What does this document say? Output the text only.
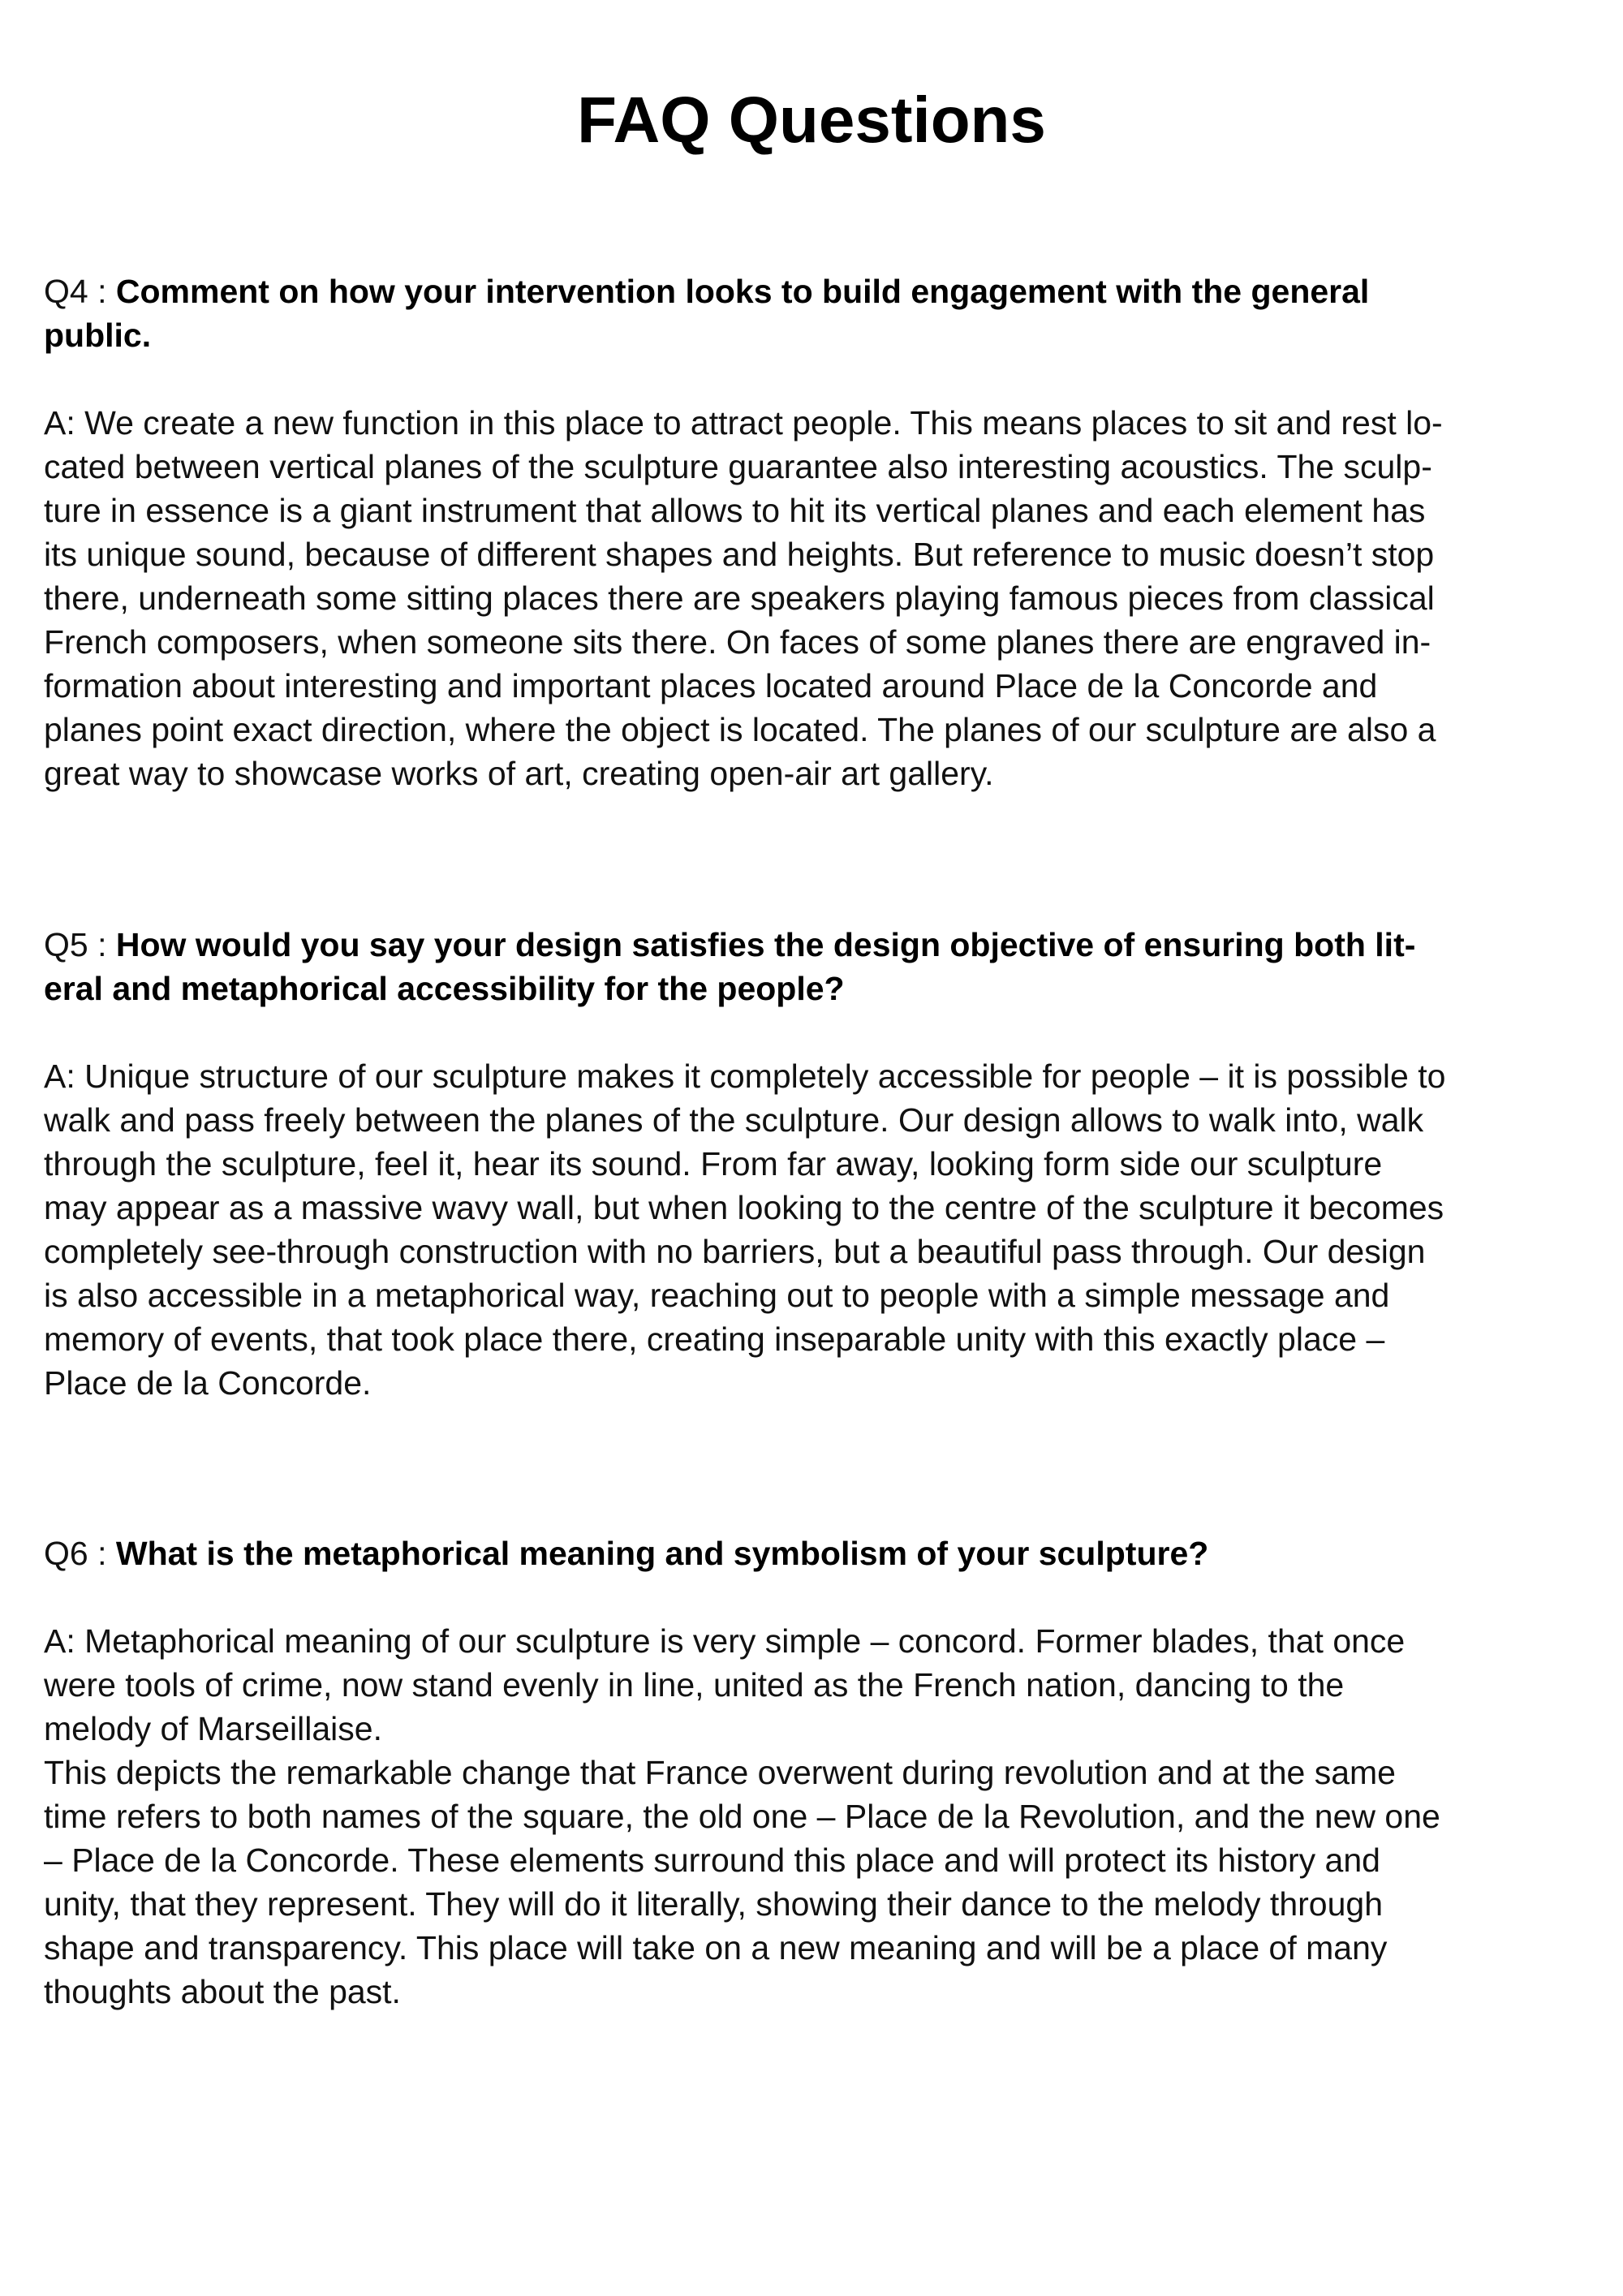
FAQ Questions

Q4 : Comment on how your intervention looks to build engagement with the general
public.

A: We create a new function in this place to attract people. This means places to sit and rest lo-
cated between vertical planes of the sculpture guarantee also interesting acoustics. The sculp-
ture in essence is a giant instrument that allows to hit its vertical planes and each element has
its unique sound, because of different shapes and heights. But reference to music doesn’t stop
there, underneath some sitting places there are speakers playing famous pieces from classical
French composers, when someone sits there. On faces of some planes there are engraved in-
formation about interesting and important places located around Place de la Concorde and
planes point exact direction, where the object is located. The planes of our sculpture are also a
great way to showcase works of art, creating open-air art gallery.

Q5 : How would you say your design satisfies the design objective of ensuring both lit-
eral and metaphorical accessibility for the people?

A: Unique structure of our sculpture makes it completely accessible for people – it is possible to
walk and pass freely between the planes of the sculpture. Our design allows to walk into, walk
through the sculpture, feel it, hear its sound. From far away, looking form side our sculpture
may appear as a massive wavy wall, but when looking to the centre of the sculpture it becomes
completely see-through construction with no barriers, but a beautiful pass through. Our design
is also accessible in a metaphorical way, reaching out to people with a simple message and
memory of events, that took place there, creating inseparable unity with this exactly place –
Place de la Concorde.

Q6 : What is the metaphorical meaning and symbolism of your sculpture?

A: Metaphorical meaning of our sculpture is very simple – concord. Former blades, that once
were tools of crime, now stand evenly in line, united as the French nation, dancing to the
melody of Marseillaise.
This depicts the remarkable change that France overwent during revolution and at the same
time refers to both names of the square, the old one – Place de la Revolution, and the new one
– Place de la Concorde. These elements surround this place and will protect its history and
unity, that they represent. They will do it literally, showing their dance to the melody through
shape and transparency. This place will take on a new meaning and will be a place of many
thoughts about the past.
